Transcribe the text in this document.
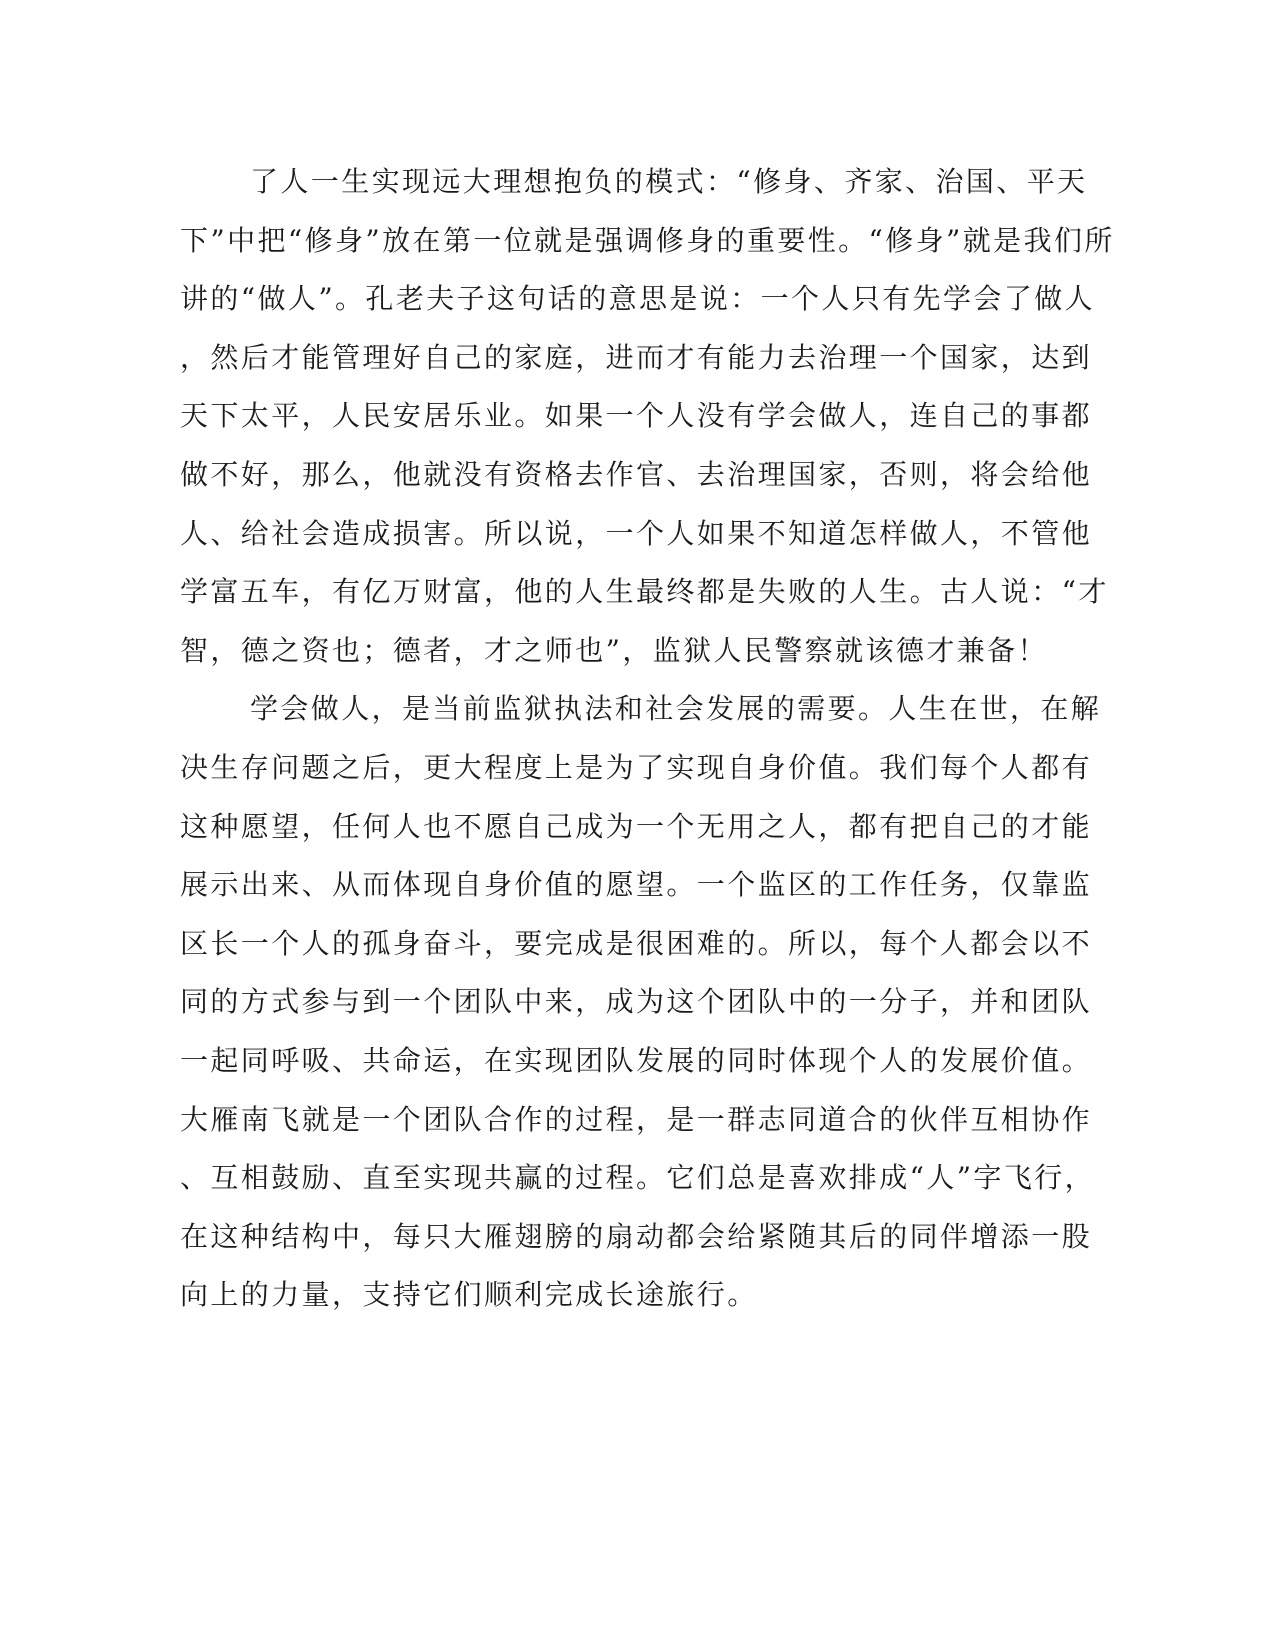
了人一生实现远大理想抱负的模式：“修身、齐家、治国、平天
下”中把“修身”放在第一位就是强调修身的重要性。“修身”就是我们所
讲的“做人”。孔老夫子这句话的意思是说：一个人只有先学会了做人
，然后才能管理好自己的家庭，进而才有能力去治理一个国家，达到
天下太平，人民安居乐业。如果一个人没有学会做人，连自己的事都
做不好，那么，他就没有资格去作官、去治理国家，否则，将会给他
人、给社会造成损害。所以说，一个人如果不知道怎样做人，不管他
学富五车，有亿万财富，他的人生最终都是失败的人生。古人说：“才
智，德之资也；德者，才之师也”，监狱人民警察就该德才兼备！
学会做人，是当前监狱执法和社会发展的需要。人生在世，在解
决生存问题之后，更大程度上是为了实现自身价值。我们每个人都有
这种愿望，任何人也不愿自己成为一个无用之人，都有把自己的才能
展示出来、从而体现自身价值的愿望。一个监区的工作任务，仅靠监
区长一个人的孤身奋斗，要完成是很困难的。所以，每个人都会以不
同的方式参与到一个团队中来，成为这个团队中的一分子，并和团队
一起同呼吸、共命运，在实现团队发展的同时体现个人的发展价值。
大雁南飞就是一个团队合作的过程，是一群志同道合的伙伴互相协作
、互相鼓励、直至实现共赢的过程。它们总是喜欢排成“人”字飞行，
在这种结构中，每只大雁翅膀的扇动都会给紧随其后的同伴增添一股
向上的力量，支持它们顺利完成长途旅行。
